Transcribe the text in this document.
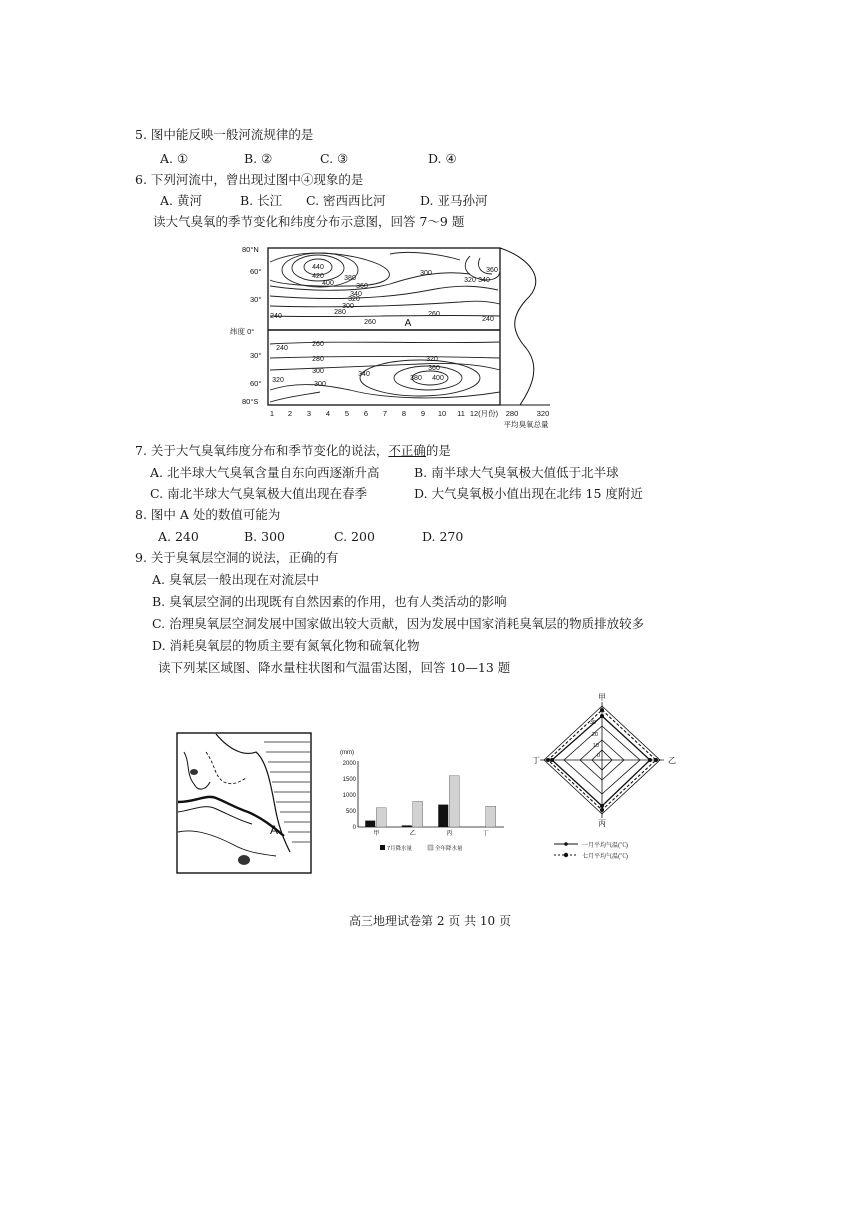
5. 图中能反映一般河流规律的是
A. ①	B. ②	C. ③	D. ④
6. 下列河流中，曾出现过图中④现象的是
A. 黄河	B. 长江 C. 密西西比河	D. 亚马孙河
读大气臭氧的季节变化和纬度分布示意图，回答 7～9 题
80°N
60°
30°
纬度 0°
30°
60°
80°S
1 2 3 4 5 6 7 8 9 10 11 12(月份) 280 320
平均臭氧总量
440
420
400
380
360
340
320
300
280
260
240
300
320 340
360
240
260
240
260
280
300
320
340
380 400
320
360
300
A
7. 关于大气臭氧纬度分布和季节变化的说法，不正确的是
A. 北半球大气臭氧含量自东向西逐渐升高	B. 南半球大气臭氧极大值低于北半球
C. 南北半球大气臭氧极大值出现在春季	D. 大气臭氧极小值出现在北纬 15 度附近
8. 图中 A 处的数值可能为
A. 240	B. 300	C. 200	D. 270
9. 关于臭氧层空洞的说法，正确的有
A. 臭氧层一般出现在对流层中
B. 臭氧层空洞的出现既有自然因素的作用，也有人类活动的影响
C. 治理臭氧层空洞发展中国家做出较大贡献，因为发展中国家消耗臭氧层的物质排放较多
D. 消耗臭氧层的物质主要有氮氧化物和硫氧化物
读下列某区域图、降水量柱状图和气温雷达图，回答 10—13 题
A
(mm)
2000
1500
1000
500
0
甲	乙	丙	丁
7月降水量	全年降水量
甲
乙
丙
丁
30
20
10
0
一月平均气温(℃)
七月平均气温(℃)
高三地理试卷第 2 页 共 10 页
